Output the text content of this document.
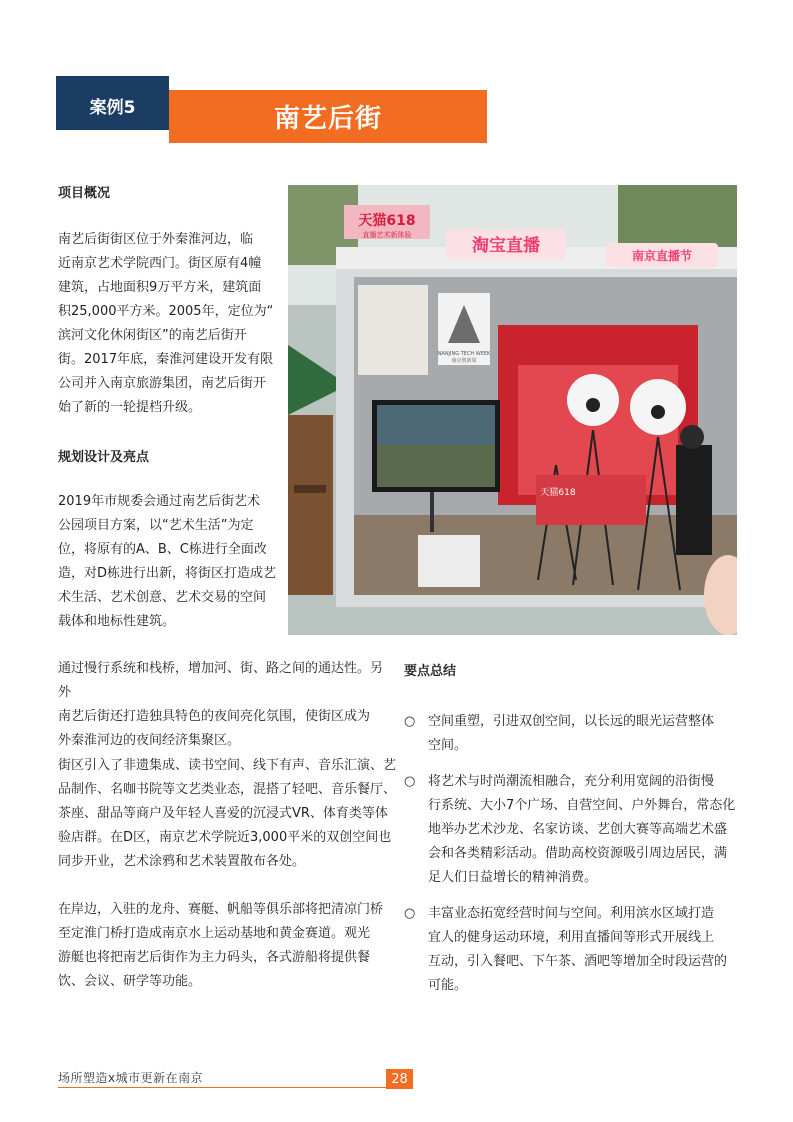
案例5	南艺后街
项目概况

南艺后街街区位于外秦淮河边，临
近南京艺术学院西门。街区原有4幢
建筑，占地面积9万平方米，建筑面
积25,000平方米。2005年，定位为“
滨河文化休闲街区”的南艺后街开
街。2017年底，秦淮河建设开发有限
公司并入南京旅游集团，南艺后街开
始了新的一轮提档升级。

规划设计及亮点

2019年市规委会通过南艺后街艺术
公园项目方案，以“艺术生活”为定
位，将原有的A、B、C栋进行全面改
造，对D栋进行出新，将街区打造成艺
术生活、艺术创意、艺术交易的空间
载体和地标性建筑。

天猫618
直播艺术新体验
淘宝直播	南京直播节
NANJING TECH WEEK
南京创新周
天猫618

通过慢行系统和栈桥，增加河、街、路之间的通达性。另外
南艺后街还打造独具特色的夜间亮化氛围，使街区成为
外秦淮河边的夜间经济集聚区。

街区引入了非遗集成、读书空间、线下有声、音乐汇演、艺
品制作、名咖书院等文艺类业态，混搭了轻吧、音乐餐厅、
茶座、甜品等商户及年轻人喜爱的沉浸式VR、体育类等体
验店群。在D区，南京艺术学院近3,000平米的双创空间也
同步开业，艺术涂鸦和艺术装置散布各处。

在岸边，入驻的龙舟、赛艇、帆船等俱乐部将把清凉门桥
至定淮门桥打造成南京水上运动基地和黄金赛道。观光
游艇也将把南艺后街作为主力码头，各式游船将提供餐
饮、会议、研学等功能。

要点总结
○ 空间重塑，引进双创空间，以长远的眼光运营整体
空间。
○ 将艺术与时尚潮流相融合，充分利用宽阔的沿街慢
行系统、大小7个广场、自营空间、户外舞台，常态化
地举办艺术沙龙、名家访谈、艺创大赛等高端艺术盛
会和各类精彩活动。借助高校资源吸引周边居民，满
足人们日益增长的精神消费。
○ 丰富业态拓宽经营时间与空间。利用滨水区域打造
宜人的健身运动环境，利用直播间等形式开展线上
互动，引入餐吧、下午茶、酒吧等增加全时段运营的
可能。
场所塑造x城市更新在南京	28
